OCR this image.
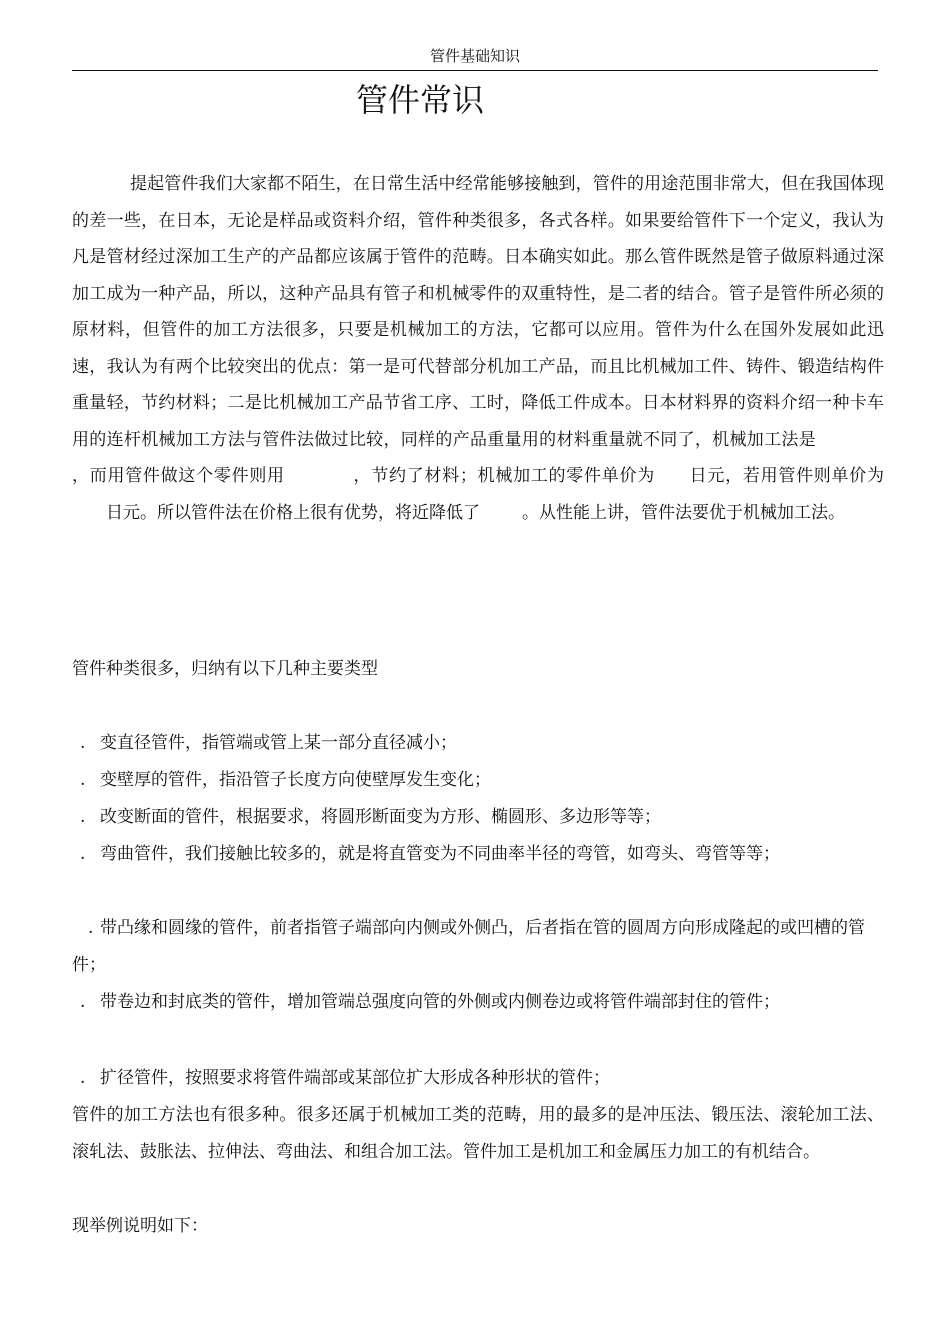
管件基础知识
管件常识

提起管件我们大家都不陌生，在日常生活中经常能够接触到，管件的用途范围非常大，但在我国体现的差一些，在日本，无论是样品或资料介绍，管件种类很多，各式各样。如果要给管件下一个定义，我认为凡是管材经过深加工生产的产品都应该属于管件的范畴。日本确实如此。那么管件既然是管子做原料通过深加工成为一种产品，所以，这种产品具有管子和机械零件的双重特性，是二者的结合。管子是管件所必须的原材料，但管件的加工方法很多，只要是机械加工的方法，它都可以应用。管件为什么在国外发展如此迅速，我认为有两个比较突出的优点：第一是可代替部分机加工产品，而且比机械加工件、铸件、锻造结构件重量轻，节约材料；二是比机械加工产品节省工序、工时，降低工件成本。日本材料界的资料介绍一种卡车用的连杆机械加工方法与管件法做过比较，同样的产品重量用的材料重量就不同了，机械加工法是，而用管件做这个零件则用	，节约了材料；机械加工的零件单价为 日元，若用管件则单价为日元。所以管件法在价格上很有优势，将近降低了 。从性能上讲，管件法要优于机械加工法。

管件种类很多，归纳有以下几种主要类型

. 变直径管件，指管端或管上某一部分直径减小；

. 变壁厚的管件，指沿管子长度方向使壁厚发生变化；

. 改变断面的管件，根据要求，将圆形断面变为方形、椭圆形、多边形等等；

. 弯曲管件，我们接触比较多的，就是将直管变为不同曲率半径的弯管，如弯头、弯管等等；

. 带凸缘和圆缘的管件，前者指管子端部向内侧或外侧凸，后者指在管的圆周方向形成隆起的或凹槽的管件；

. 带卷边和封底类的管件，增加管端总强度向管的外侧或内侧卷边或将管件端部封住的管件；

. 扩径管件，按照要求将管件端部或某部位扩大形成各种形状的管件；

管件的加工方法也有很多种。很多还属于机械加工类的范畴，用的最多的是冲压法、锻压法、滚轮加工法、滚轧法、鼓胀法、拉伸法、弯曲法、和组合加工法。管件加工是机加工和金属压力加工的有机结合。

现举例说明如下：
